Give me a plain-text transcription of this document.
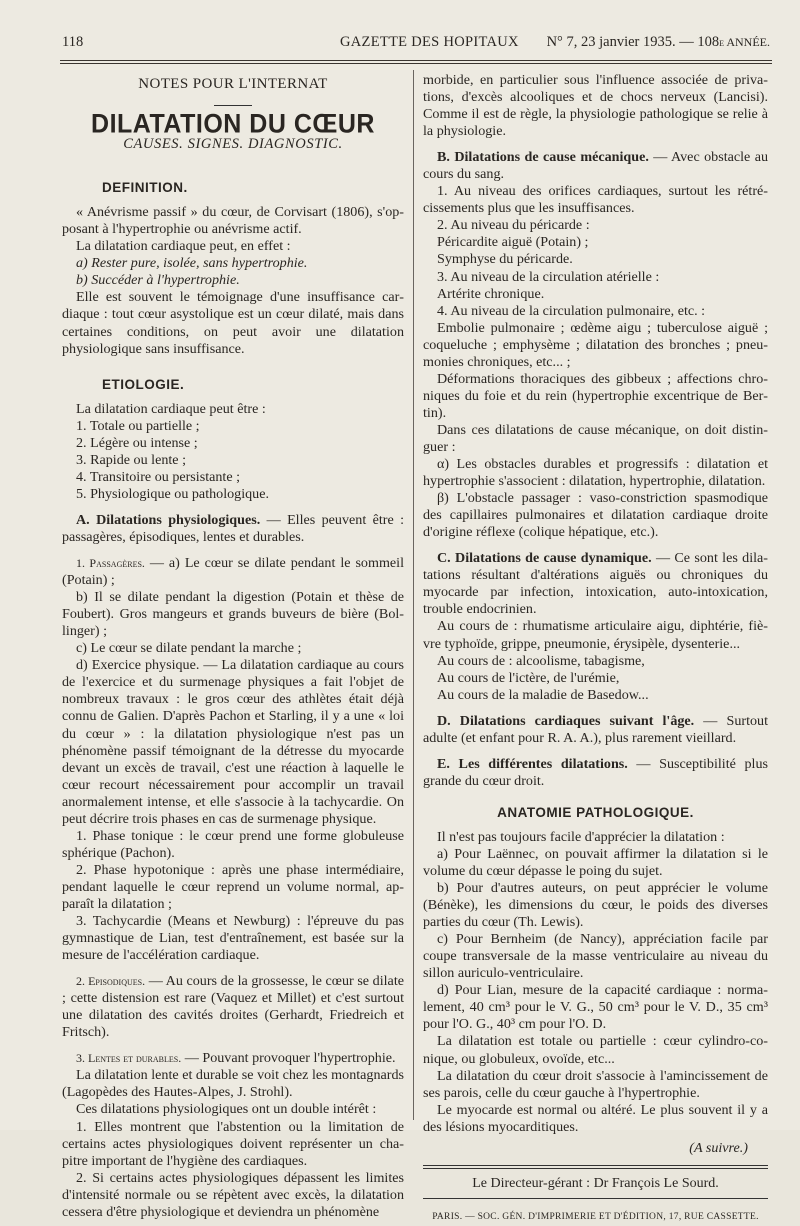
118	GAZETTE DES HOPITAUX N° 7, 23 janvier 1935. — 108e ANNÉE.

NOTES POUR L'INTERNAT

DILATATION DU CŒUR

CAUSES. SIGNES. DIAGNOSTIC.

DEFINITION.

« Anévrisme passif » du cœur, de Corvisart (1806), s'opposant à l'hypertrophie ou anévrisme actif.

La dilatation cardiaque peut, en effet :

a) Rester pure, isolée, sans hypertrophie.

b) Succéder à l'hypertrophie.

Elle est souvent le témoignage d'une insuffisance cardiaque : tout cœur asystolique est un cœur dilaté, mais dans certaines conditions, on peut avoir une dilatation physiologique sans insuffisance.

ETIOLOGIE.

La dilatation cardiaque peut être :

1. Totale ou partielle ;

2. Légère ou intense ;

3. Rapide ou lente ;

4. Transitoire ou persistante ;

5. Physiologique ou pathologique.

A. Dilatations physiologiques. — Elles peuvent être : passagères, épisodiques, lentes et durables.

1. Passagères. — a) Le cœur se dilate pendant le sommeil (Potain) ;

b) Il se dilate pendant la digestion (Potain et thèse de Foubert). Gros mangeurs et grands buveurs de bière (Bollinger) ;

c) Le cœur se dilate pendant la marche ;

d) Exercice physique. — La dilatation cardiaque au cours de l'exercice et du surmenage physiques a fait l'objet de nombreux travaux : le gros cœur des athlètes était déjà connu de Galien. D'après Pachon et Starling, il y a une « loi du cœur » : la dilatation physiologique n'est pas un phénomène passif témoignant de la détresse du myocarde devant un excès de travail, c'est une réaction à laquelle le cœur recourt nécessairement pour accomplir un travail anormalement intense, et elle s'associe à la tachycardie. On peut décrire trois phases en cas de surmenage physique.

1. Phase tonique : le cœur prend une forme globuleuse sphérique (Pachon).

2. Phase hypotonique : après une phase intermédiaire, pendant laquelle le cœur reprend un volume normal, apparaît la dilatation ;

3. Tachycardie (Means et Newburg) : l'épreuve du pas gymnastique de Lian, test d'entraînement, est basée sur la mesure de l'accélération cardiaque.

2. Episodiques. — Au cours de la grossesse, le cœur se dilate ; cette distension est rare (Vaquez et Millet) et c'est surtout une dilatation des cavités droites (Gerhardt, Friedreich et Fritsch).

3. Lentes et durables. — Pouvant provoquer l'hypertrophie.

La dilatation lente et durable se voit chez les montagnards (Lagopèdes des Hautes-Alpes, J. Strohl).

Ces dilatations physiologiques ont un double intérêt :

1. Elles montrent que l'abstention ou la limitation de certains actes physiologiques doivent représenter un chapitre important de l'hygiène des cardiaques.

2. Si certains actes physiologiques dépassent les limites d'intensité normale ou se répètent avec excès, la dilatation cessera d'être physiologique et deviendra un phénomène

morbide, en particulier sous l'influence associée de privations, d'excès alcooliques et de chocs nerveux (Lancisi). Comme il est de règle, la physiologie pathologique se relie à la physiologie.

B. Dilatations de cause mécanique. — Avec obstacle au cours du sang.

1. Au niveau des orifices cardiaques, surtout les rétrécissements plus que les insuffisances.

2. Au niveau du péricarde :

Péricardite aiguë (Potain) ;

Symphyse du péricarde.

3. Au niveau de la circulation atérielle :

Artérite chronique.

4. Au niveau de la circulation pulmonaire, etc. :

Embolie pulmonaire ; œdème aigu ; tuberculose aiguë ; coqueluche ; emphysème ; dilatation des bronches ; pneumonies chroniques, etc... ;

Déformations thoraciques des gibbeux ; affections chroniques du foie et du rein (hypertrophie excentrique de Bertin).

Dans ces dilatations de cause mécanique, on doit distinguer :

α) Les obstacles durables et progressifs : dilatation et hypertrophie s'associent : dilatation, hypertrophie, dilatation.

β) L'obstacle passager : vaso-constriction spasmodique des capillaires pulmonaires et dilatation cardiaque droite d'origine réflexe (colique hépatique, etc.).

C. Dilatations de cause dynamique. — Ce sont les dilatations résultant d'altérations aiguës ou chroniques du myocarde par infection, intoxication, auto-intoxication, trouble endocrinien.

Au cours de : rhumatisme articulaire aigu, diphtérie, fièvre typhoïde, grippe, pneumonie, érysipèle, dysenterie...

Au cours de : alcoolisme, tabagisme,

Au cours de l'ictère, de l'urémie,

Au cours de la maladie de Basedow...

D. Dilatations cardiaques suivant l'âge. — Surtout adulte (et enfant pour R. A. A.), plus rarement vieillard.

E. Les différentes dilatations. — Susceptibilité plus grande du cœur droit.

ANATOMIE PATHOLOGIQUE.

Il n'est pas toujours facile d'apprécier la dilatation :

a) Pour Laënnec, on pouvait affirmer la dilatation si le volume du cœur dépasse le poing du sujet.

b) Pour d'autres auteurs, on peut apprécier le volume (Bénèke), les dimensions du cœur, le poids des diverses parties du cœur (Th. Lewis).

c) Pour Bernheim (de Nancy), appréciation facile par coupe transversale de la masse ventriculaire au niveau du sillon auriculo-ventriculaire.

d) Pour Lian, mesure de la capacité cardiaque : normalement, 40 cm³ pour le V. G., 50 cm³ pour le V. D., 35 cm³ pour l'O. G., 40³ cm pour l'O. D.

La dilatation est totale ou partielle : cœur cylindro-conique, ou globuleux, ovoïde, etc...

La dilatation du cœur droit s'associe à l'amincissement de ses parois, celle du cœur gauche à l'hypertrophie.

Le myocarde est normal ou altéré. Le plus souvent il y a des lésions myocarditiques.

(A suivre.)

Le Directeur-gérant : Dr François Le Sourd.

PARIS. — SOC. GÉN. D'IMPRIMERIE ET D'ÉDITION, 17, RUE CASSETTE.
